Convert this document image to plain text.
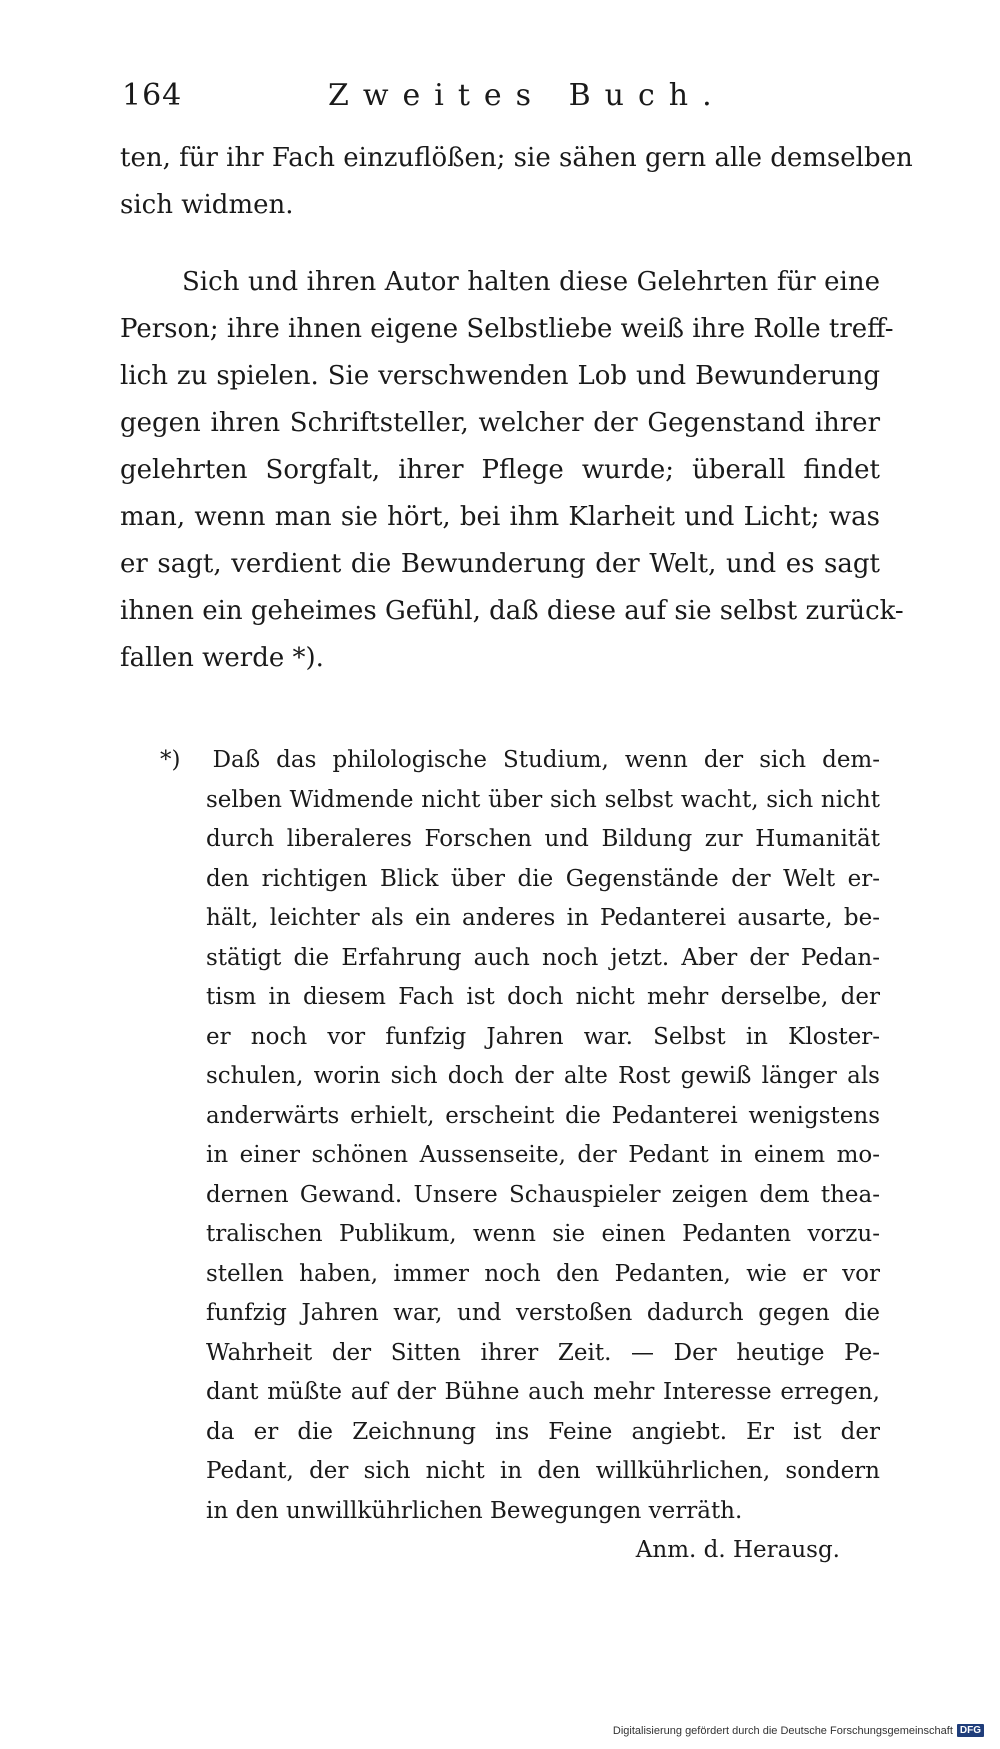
164	Zweites Buch.
ten, für ihr Fach einzuflößen; sie sähen gern alle demselben
sich widmen.
Sich und ihren Autor halten diese Gelehrten für eine
Person; ihre ihnen eigene Selbstliebe weiß ihre Rolle treff-
lich zu spielen. Sie verschwenden Lob und Bewunderung
gegen ihren Schriftsteller, welcher der Gegenstand ihrer
gelehrten Sorgfalt, ihrer Pflege wurde; überall findet
man, wenn man sie hört, bei ihm Klarheit und Licht; was
er sagt, verdient die Bewunderung der Welt, und es sagt
ihnen ein geheimes Gefühl, daß diese auf sie selbst zurück-
fallen werde *).
*) Daß das philologische Studium, wenn der sich dem-
selben Widmende nicht über sich selbst wacht, sich nicht
durch liberaleres Forschen und Bildung zur Humanität
den richtigen Blick über die Gegenstände der Welt er-
hält, leichter als ein anderes in Pedanterei ausarte, be-
stätigt die Erfahrung auch noch jetzt. Aber der Pedan-
tism in diesem Fach ist doch nicht mehr derselbe, der
er noch vor funfzig Jahren war. Selbst in Kloster-
schulen, worin sich doch der alte Rost gewiß länger als
anderwärts erhielt, erscheint die Pedanterei wenigstens
in einer schönen Aussenseite, der Pedant in einem mo-
dernen Gewand. Unsere Schauspieler zeigen dem thea-
tralischen Publikum, wenn sie einen Pedanten vorzu-
stellen haben, immer noch den Pedanten, wie er vor
funfzig Jahren war, und verstoßen dadurch gegen die
Wahrheit der Sitten ihrer Zeit. — Der heutige Pe-
dant müßte auf der Bühne auch mehr Interesse erregen,
da er die Zeichnung ins Feine angiebt. Er ist der
Pedant, der sich nicht in den willkührlichen, sondern
in den unwillkührlichen Bewegungen verräth.
Anm. d. Herausg.
Digitalisierung gefördert durch die Deutsche Forschungsgemeinschaft DFG
